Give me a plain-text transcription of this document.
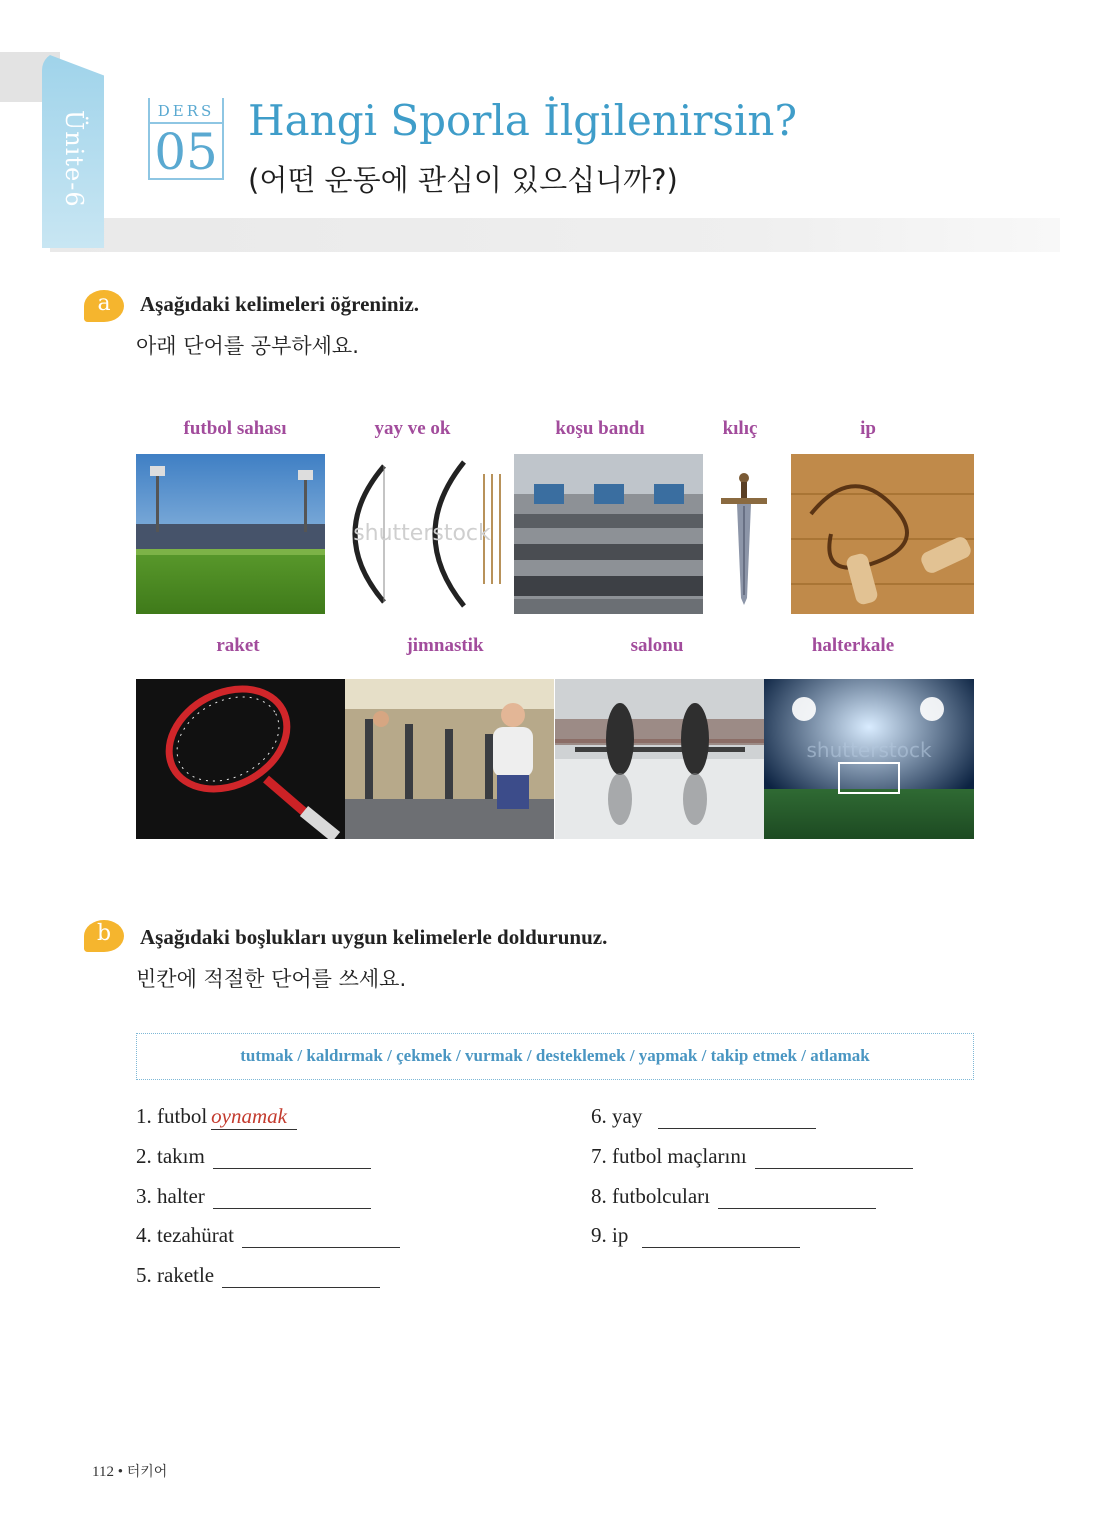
Ünite-6	DERS
05
Hangi Sporla İlgilenirsin?
(어떤 운동에 관심이 있으십니까?)
a	Aşağıdaki kelimeleri öğreniniz.
아래 단어를 공부하세요.
futbol sahası	yay ve ok	koşu bandı	kılıç	ip
shutterstock
raket	jimnastik	salonu	halterkale
shutterstock
b	Aşağıdaki boşlukları uygun kelimelerle doldurunuz.
빈칸에 적절한 단어를 쓰세요.
tutmak / kaldırmak / çekmek / vurmak / desteklemek / yapmak / takip etmek / atlamak
1. futbol oynamak
2. takım
3. halter
4. tezahürat
5. raketle
6. yay
7. futbol maçlarını
8. futbolcuları
9. ip
112 • 터키어
